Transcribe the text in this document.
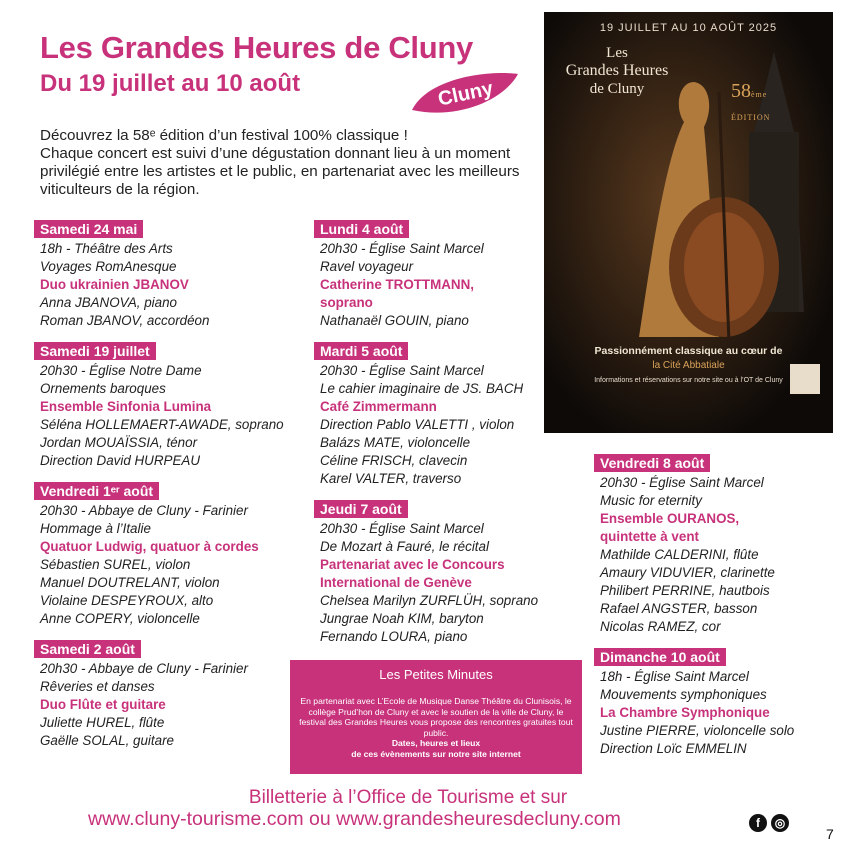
Les Grandes Heures de Cluny
Du 19 juillet au 10 août	Cluny

Découvrez la 58ᵉ édition d’un festival 100% classique !

Chaque concert est suivi d’une dégustation donnant lieu à un moment privilégié entre les artistes et le public, en partenariat avec les meilleurs viticulteurs de la région.

Samedi 24 mai
18h - Théâtre des Arts
Voyages RomAnesque
Duo ukrainien JBANOV
Anna JBANOVA, piano
Roman JBANOV, accordéon
Samedi 19 juillet
20h30 - Église Notre Dame
Ornements baroques
Ensemble Sinfonia Lumina
Séléna HOLLEMAERT-AWADE, soprano
Jordan MOUAÏSSIA, ténor
Direction David HURPEAU
Vendredi 1ᵉʳ août
20h30 - Abbaye de Cluny - Farinier
Hommage à l’Italie
Quatuor Ludwig, quatuor à cordes
Sébastien SUREL, violon
Manuel DOUTRELANT, violon
Violaine DESPEYROUX, alto
Anne COPERY, violoncelle
Samedi 2 août
20h30 - Abbaye de Cluny - Farinier
Rêveries et danses
Duo Flûte et guitare
Juliette HUREL, flûte
Gaëlle SOLAL, guitare
Lundi 4 août
20h30 - Église Saint Marcel
Ravel voyageur
Catherine TROTTMANN,
soprano
Nathanaël GOUIN, piano
Mardi 5 août
20h30 - Église Saint Marcel
Le cahier imaginaire de JS. BACH
Café Zimmermann
Direction Pablo VALETTI , violon
Balázs MATE, violoncelle
Céline FRISCH, clavecin
Karel VALTER, traverso
Jeudi 7 août
20h30 - Église Saint Marcel
De Mozart à Fauré, le récital
Partenariat avec le Concours
International de Genève
Chelsea Marilyn ZURFLÜH, soprano
Jungrae Noah KIM, baryton
Fernando LOURA, piano
Vendredi 8 août
20h30 - Église Saint Marcel
Music for eternity
Ensemble OURANOS,
quintette à vent
Mathilde CALDERINI, flûte
Amaury VIDUVIER, clarinette
Philibert PERRINE, hautbois
Rafael ANGSTER, basson
Nicolas RAMEZ, cor
Dimanche 10 août
18h - Église Saint Marcel
Mouvements symphoniques
La Chambre Symphonique
Justine PIERRE, violoncelle solo
Direction Loïc EMMELIN
19 JUILLET AU 10 AOÛT 2025
Les
Grandes Heures
de Cluny	58ème
ÉDITION
Passionnément classique au cœur de
la Cité Abbatiale
Informations et réservations sur notre site ou à l’OT de Cluny
Les Petites Minutes
En partenariat avec L’Ecole de Musique Danse Théâtre du Clunisois, le collège Prud’hon de Cluny et avec le soutien de la ville de Cluny, le festival des Grandes Heures vous propose des rencontres gratuites tout public.
Dates, heures et lieux
de ces évènements sur notre site internet
Billetterie à l’Office de Tourisme et sur
www.cluny-tourisme.com ou www.grandesheuresdecluny.com	f	◎
7
